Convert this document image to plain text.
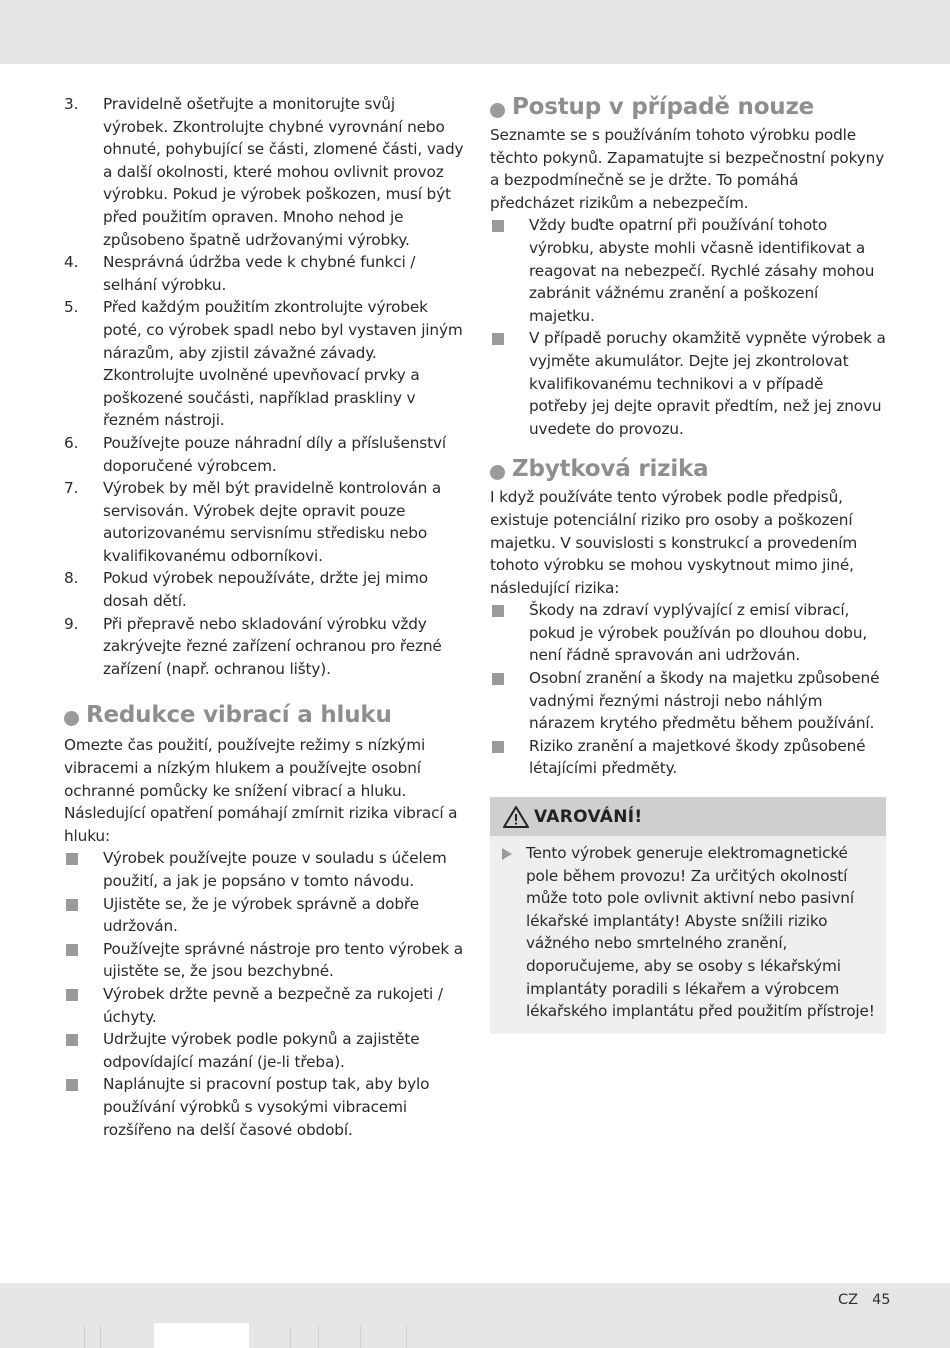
3. Pravidelně ošetřujte a monitorujte svůj výrobek. Zkontrolujte chybné vyrovnání nebo ohnuté, pohybující se části, zlomené části, vady a další okolnosti, které mohou ovlivnit provoz výrobku. Pokud je výrobek poškozen, musí být před použitím opraven. Mnoho nehod je způsobeno špatně udržovanými výrobky.
4. Nesprávná údržba vede k chybné funkci / selhání výrobku.
5. Před každým použitím zkontrolujte výrobek poté, co výrobek spadl nebo byl vystaven jiným nárazům, aby zjistil závažné závady. Zkontrolujte uvolněné upevňovací prvky a poškozené součásti, například praskliny v řezném nástroji.
6. Používejte pouze náhradní díly a příslušenství doporučené výrobcem.
7. Výrobek by měl být pravidelně kontrolován a servisován. Výrobek dejte opravit pouze autorizovanému servisnímu středisku nebo kvalifikovanému odborníkovi.
8. Pokud výrobek nepoužíváte, držte jej mimo dosah dětí.
9. Při přepravě nebo skladování výrobku vždy zakrývejte řezné zařízení ochranou pro řezné zařízení (např. ochranou lišty).
Redukce vibrací a hluku
Omezte čas použití, používejte režimy s nízkými vibracemi a nízkým hlukem a používejte osobní ochranné pomůcky ke snížení vibrací a hluku. Následující opatření pomáhají zmírnit rizika vibrací a hluku:
Výrobek používejte pouze v souladu s účelem použití, a jak je popsáno v tomto návodu.
Ujistěte se, že je výrobek správně a dobře udržován.
Používejte správné nástroje pro tento výrobek a ujistěte se, že jsou bezchybné.
Výrobek držte pevně a bezpečně za rukojeti / úchyty.
Udržujte výrobek podle pokynů a zajistěte odpovídající mazání (je-li třeba).
Naplánujte si pracovní postup tak, aby bylo používání výrobků s vysokými vibracemi rozšířeno na delší časové období.
Postup v případě nouze
Seznamte se s používáním tohoto výrobku podle těchto pokynů. Zapamatujte si bezpečnostní pokyny a bezpodmínečně se je držte. To pomáhá předcházet rizikům a nebezpečím.
Vždy buďte opatrní při používání tohoto výrobku, abyste mohli včasně identifikovat a reagovat na nebezpečí. Rychlé zásahy mohou zabránit vážnému zranění a poškození majetku.
V případě poruchy okamžitě vypněte výrobek a vyjměte akumulátor. Dejte jej zkontrolovat kvalifikovanému technikovi a v případě potřeby jej dejte opravit předtím, než jej znovu uvedete do provozu.
Zbytková rizika
I když používáte tento výrobek podle předpisů, existuje potenciální riziko pro osoby a poškození majetku. V souvislosti s konstrukcí a provedením tohoto výrobku se mohou vyskytnout mimo jiné, následující rizika:
Škody na zdraví vyplývající z emisí vibrací, pokud je výrobek používán po dlouhou dobu, není řádně spravován ani udržován.
Osobní zranění a škody na majetku způsobené vadnými řeznými nástroji nebo náhlým nárazem krytého předmětu během používání.
Riziko zranění a majetkové škody způsobené létajícími předměty.
VAROVÁNÍ!
Tento výrobek generuje elektromagnetické pole během provozu! Za určitých okolností může toto pole ovlivnit aktivní nebo pasivní lékařské implantáty! Abyste snížili riziko vážného nebo smrtelného zranění, doporučujeme, aby se osoby s lékařskými implantáty poradili s lékařem a výrobcem lékařského implantátu před použitím přístroje!
CZ 45
